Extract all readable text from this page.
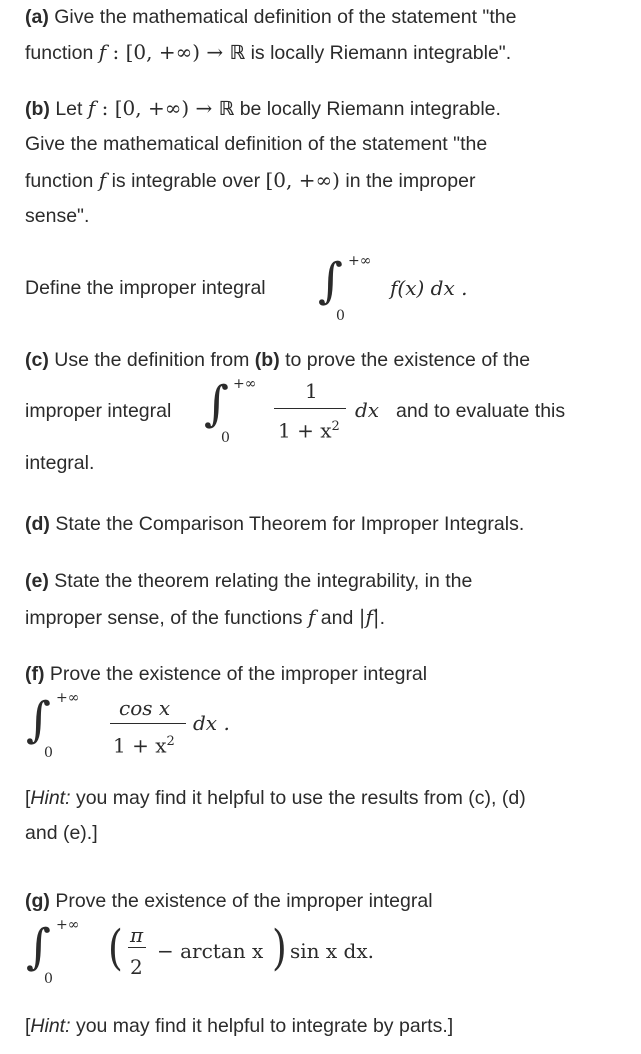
(a) Give the mathematical definition of the statement "the
function f : [0, +∞) → ℝ is locally Riemann integrable".
(b) Let f : [0, +∞) → ℝ be locally Riemann integrable.
Give the mathematical definition of the statement "the
function f is integrable over [0, +∞) in the improper
sense".
Define the improper integral ∫ +∞
0
f(x) dx .
(c) Use the definition from (b) to prove the existence of the
improper integral ∫ +∞
0
1
$1 + x^2$
dx and to evaluate this
integral.
(d) State the Comparison Theorem for Improper Integrals.
(e) State the theorem relating the integrability, in the
improper sense, of the functions f and |f|.
(f) Prove the existence of the improper integral
∫ +∞
0
cos x
$1 + x^2$
dx .
[Hint: you may find it helpful to use the results from (c), (d)
and (e).]
(g) Prove the existence of the improper integral
∫ +∞
0
( π
2
− arctan x ) sin x dx.
[Hint: you may find it helpful to integrate by parts.]
